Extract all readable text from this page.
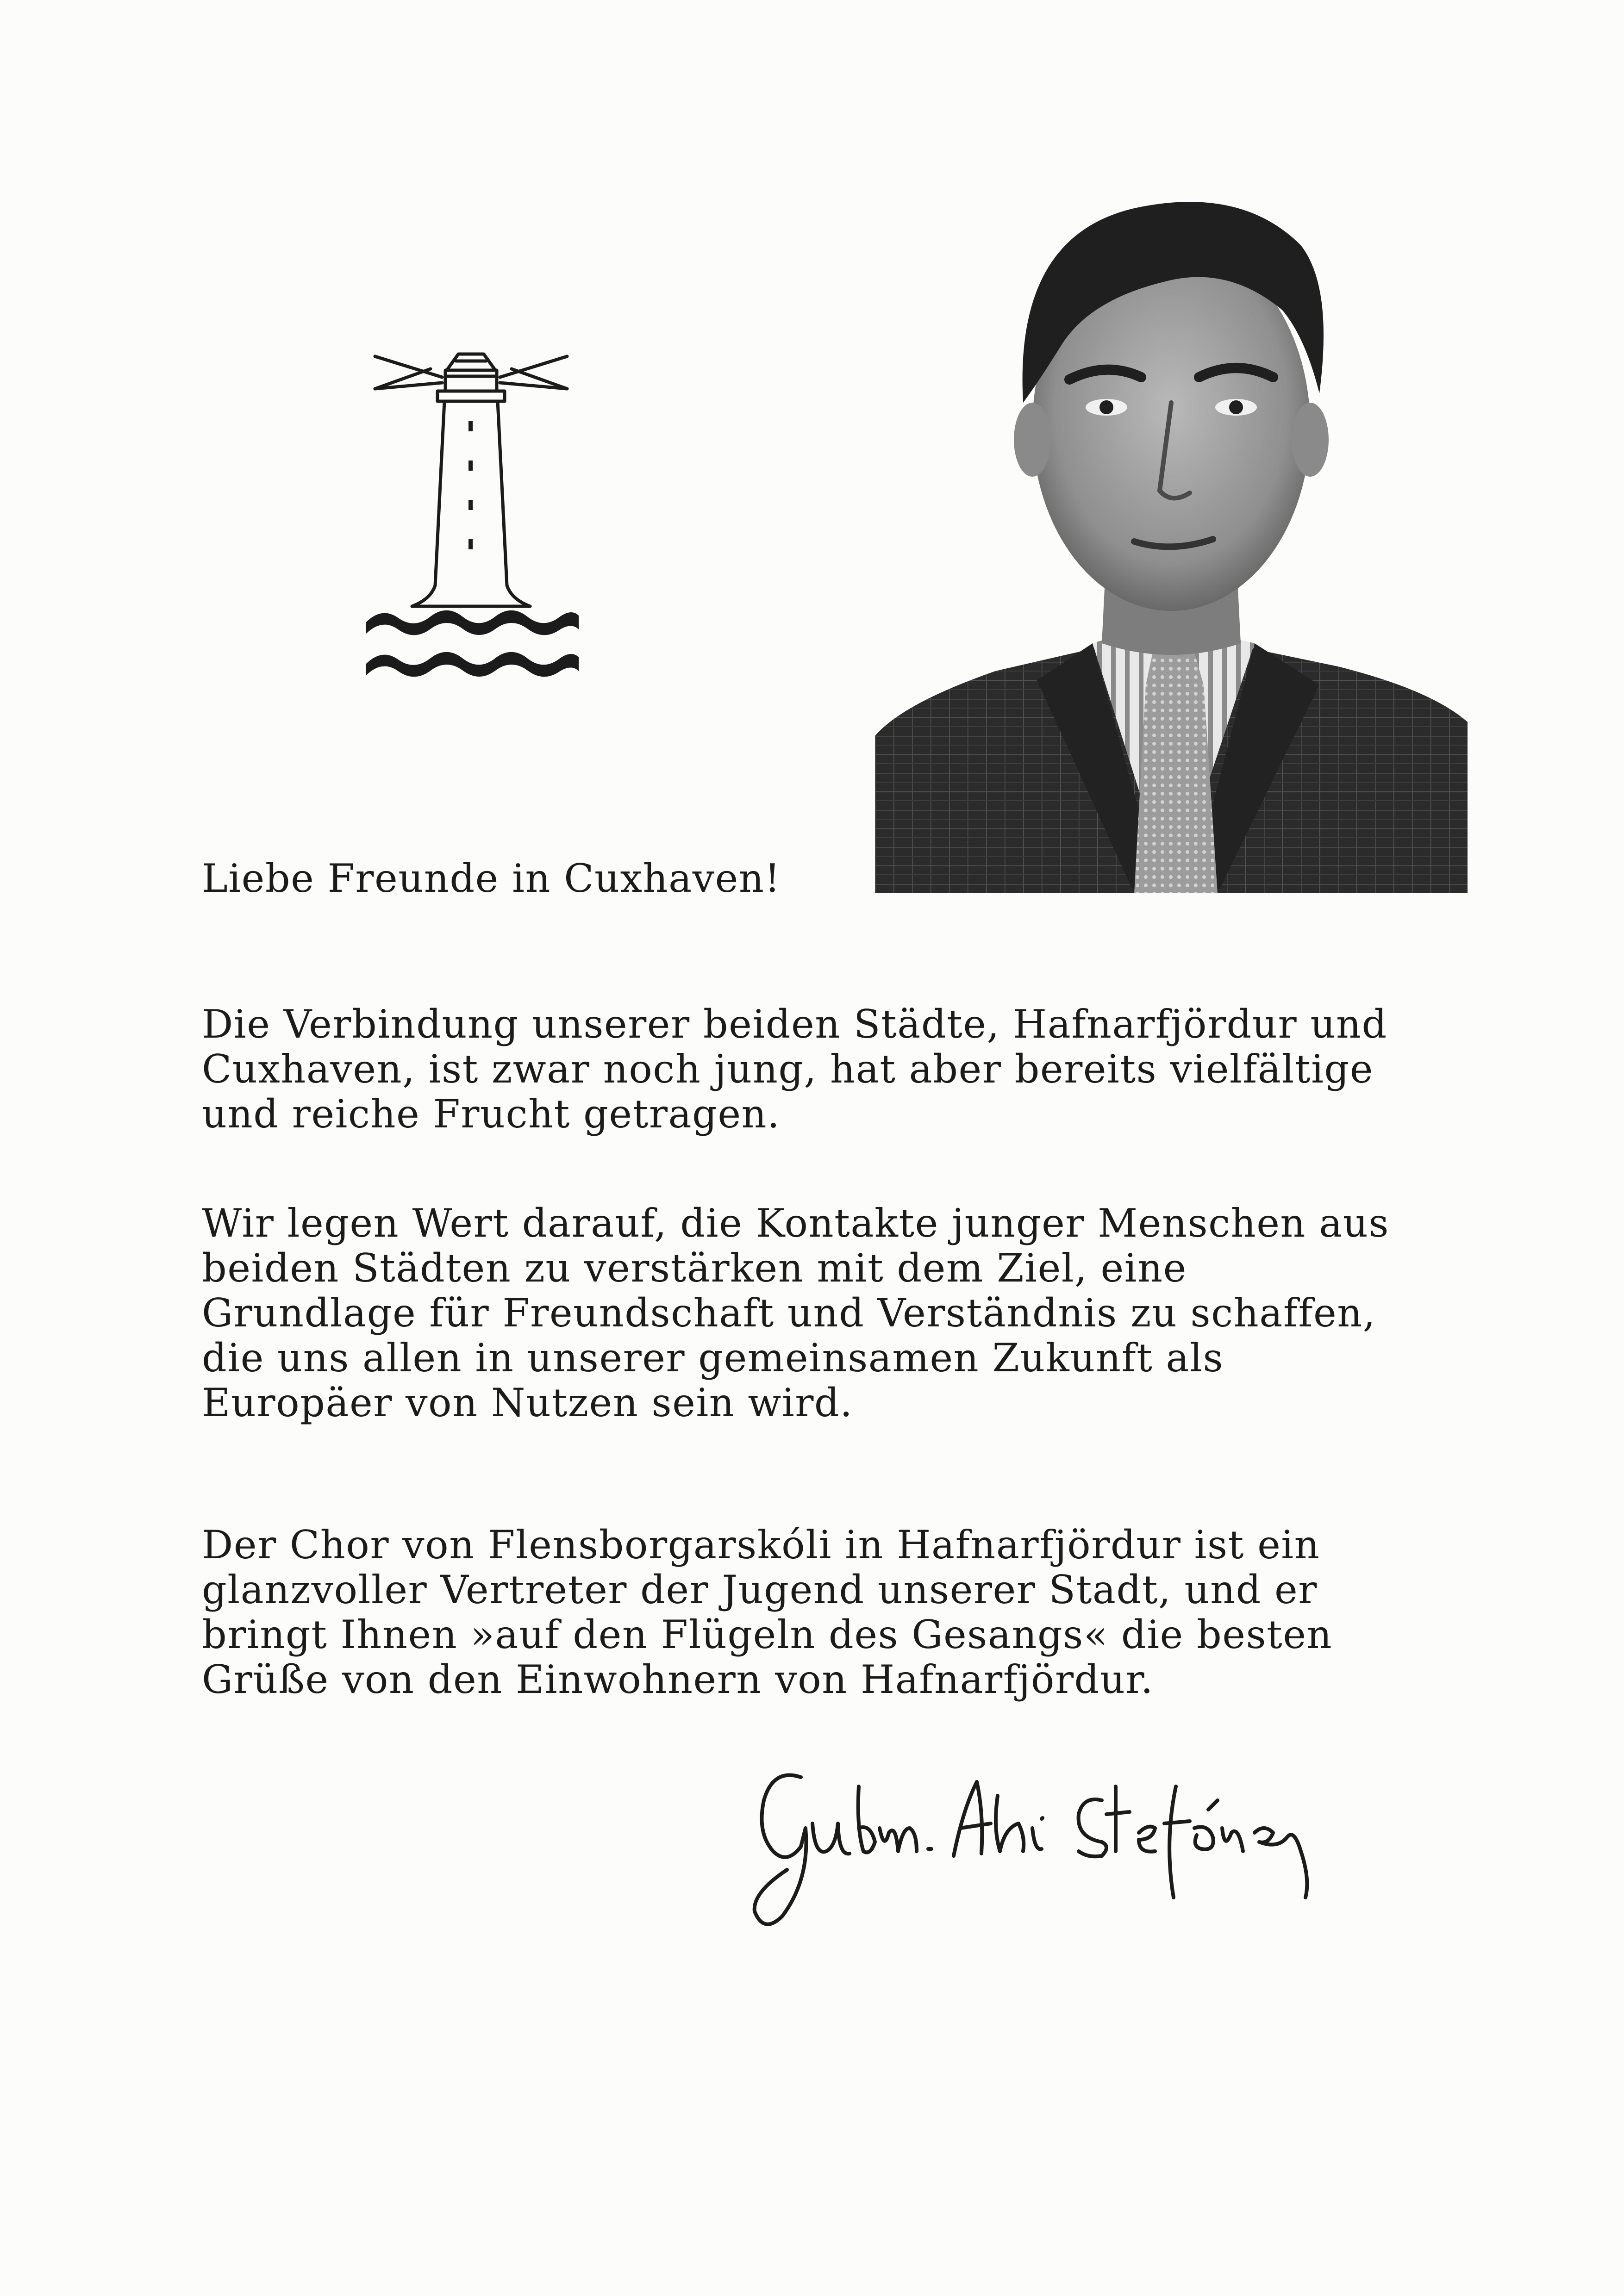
Liebe Freunde in Cuxhaven!
Die Verbindung unserer beiden Städte, Hafnarfjördur und
Cuxhaven, ist zwar noch jung, hat aber bereits vielfältige
und reiche Frucht getragen.
Wir legen Wert darauf, die Kontakte junger Menschen aus
beiden Städten zu verstärken mit dem Ziel, eine
Grundlage für Freundschaft und Verständnis zu schaffen,
die uns allen in unserer gemeinsamen Zukunft als
Europäer von Nutzen sein wird.
Der Chor von Flensborgarskóli in Hafnarfjördur ist ein
glanzvoller Vertreter der Jugend unserer Stadt, und er
bringt Ihnen »auf den Flügeln des Gesangs« die besten
Grüße von den Einwohnern von Hafnarfjördur.
